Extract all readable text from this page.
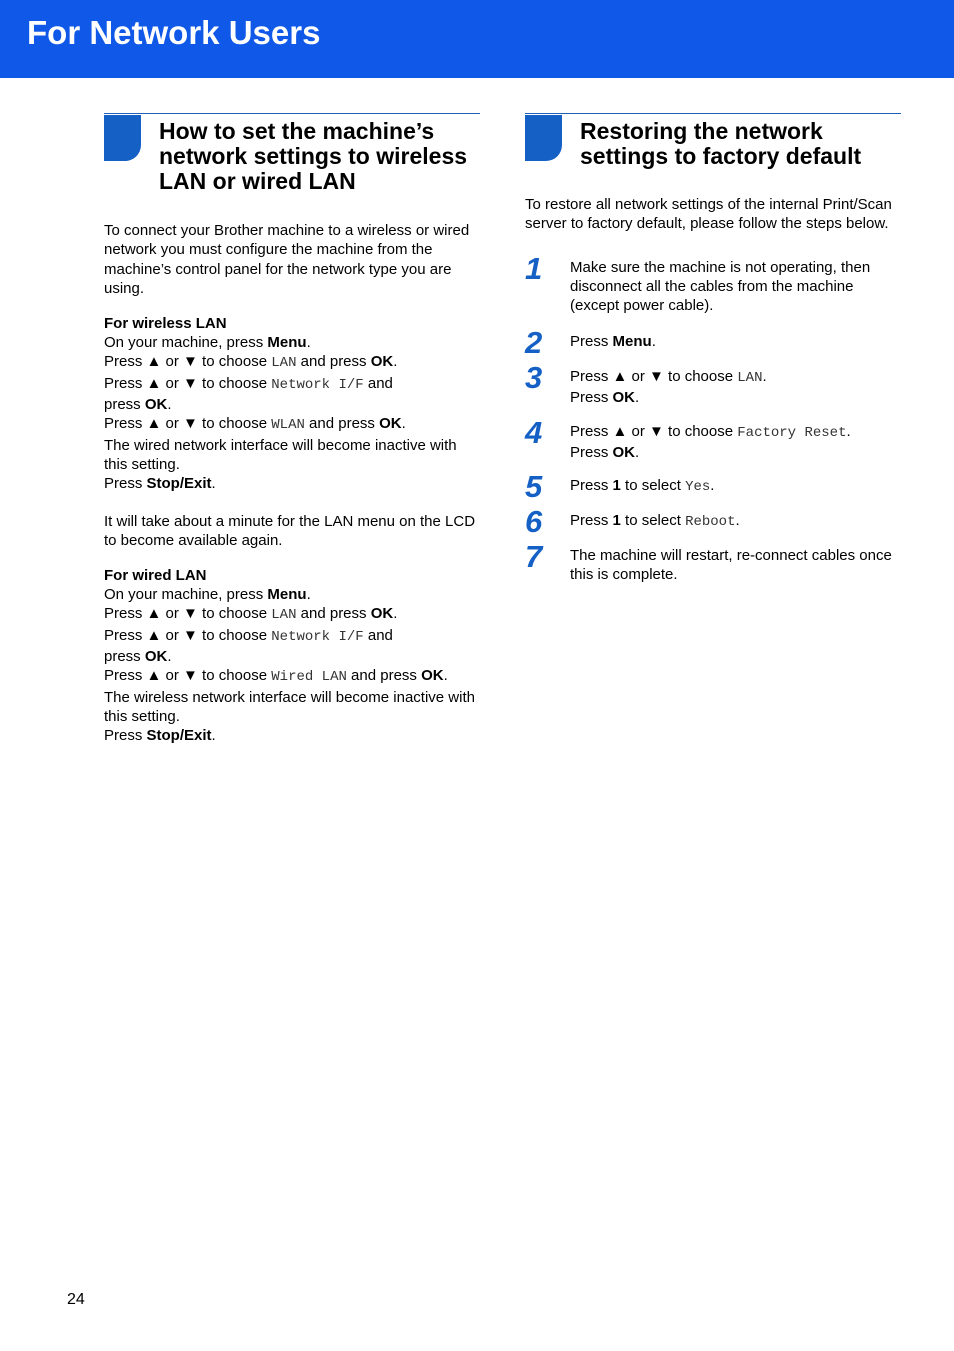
For Network Users
How to set the machine’s network settings to wireless LAN or wired LAN
To connect your Brother machine to a wireless or wired network you must configure the machine from the machine’s control panel for the network type you are using.
For wireless LAN
On your machine, press Menu.
Press ▲ or ▼ to choose LAN and press OK.
Press ▲ or ▼ to choose Network I/F and press OK.
Press ▲ or ▼ to choose WLAN and press OK.
The wired network interface will become inactive with this setting.
Press Stop/Exit.
It will take about a minute for the LAN menu on the LCD to become available again.
For wired LAN
On your machine, press Menu.
Press ▲ or ▼ to choose LAN and press OK.
Press ▲ or ▼ to choose Network I/F and press OK.
Press ▲ or ▼ to choose Wired LAN and press OK.
The wireless network interface will become inactive with this setting.
Press Stop/Exit.
Restoring the network settings to factory default
To restore all network settings of the internal Print/Scan server to factory default, please follow the steps below.
1	Make sure the machine is not operating, then disconnect all the cables from the machine (except power cable).
2	Press Menu.
3	Press ▲ or ▼ to choose LAN.
Press OK.
4	Press ▲ or ▼ to choose Factory Reset.
Press OK.
5	Press 1 to select Yes.
6	Press 1 to select Reboot.
7	The machine will restart, re-connect cables once this is complete.
24
